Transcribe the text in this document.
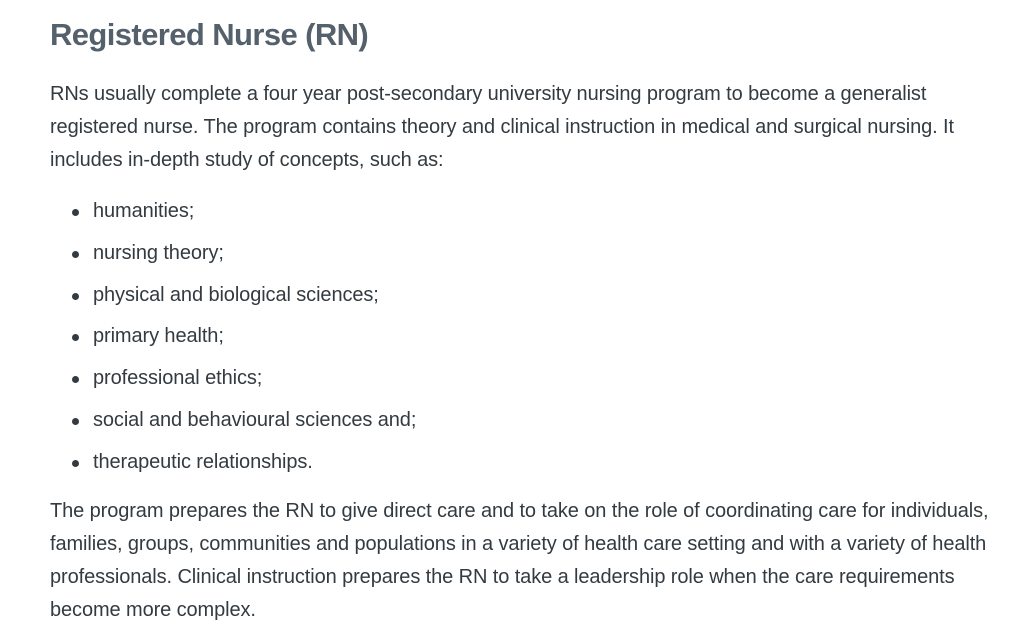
Registered Nurse (RN)

RNs usually complete a four year post-secondary university nursing program to become a generalist registered nurse. The program contains theory and clinical instruction in medical and surgical nursing. It includes in-depth study of concepts, such as:

humanities;
nursing theory;
physical and biological sciences;
primary health;
professional ethics;
social and behavioural sciences and;
therapeutic relationships.

The program prepares the RN to give direct care and to take on the role of coordinating care for individuals, families, groups, communities and populations in a variety of health care setting and with a variety of health professionals. Clinical instruction prepares the RN to take a leadership role when the care requirements become more complex.
